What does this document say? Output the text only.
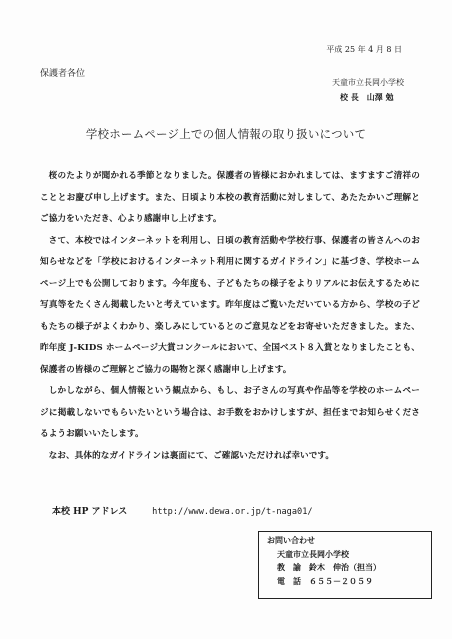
平成 25 年 4 月 8 日
保護者各位
天童市立長岡小学校
校 長　山澤 勉
学校ホームページ上での個人情報の取り扱いについて

桜のたよりが聞かれる季節となりました。保護者の皆様におかれましては、ますますご清祥のこととお慶び申し上げます。また、日頃より本校の教育活動に対しまして、あたたかいご理解とご協力をいただき、心より感謝申し上げます。

さて、本校ではインターネットを利用し、日頃の教育活動や学校行事、保護者の皆さんへのお知らせなどを「学校におけるインターネット利用に関するガイドライン」に基づき、学校ホームページ上でも公開しております。今年度も、子どもたちの様子をよりリアルにお伝えするために写真等をたくさん掲載したいと考えています。昨年度はご覧いただいている方から、学校の子どもたちの様子がよくわかり、楽しみにしているとのご意見などをお寄せいただきました。また、昨年度 J-KIDS ホームページ大賞コンクールにおいて、全国ベスト８入賞となりましたことも、保護者の皆様のご理解とご協力の賜物と深く感謝申し上げます。

しかしながら、個人情報という観点から、もし、お子さんの写真や作品等を学校のホームページに掲載しないでもらいたいという場合は、お手数をおかけしますが、担任までお知らせくださるようお願いいたします。

なお、具体的なガイドラインは裏面にて、ご確認いただければ幸いです。

本校 HP アドレス	http://www.dewa.or.jp/t-naga01/
お問い合わせ
天童市立長岡小学校
教　諭　鈴木　伸治（担当）
電　話　６５５－２０５９
